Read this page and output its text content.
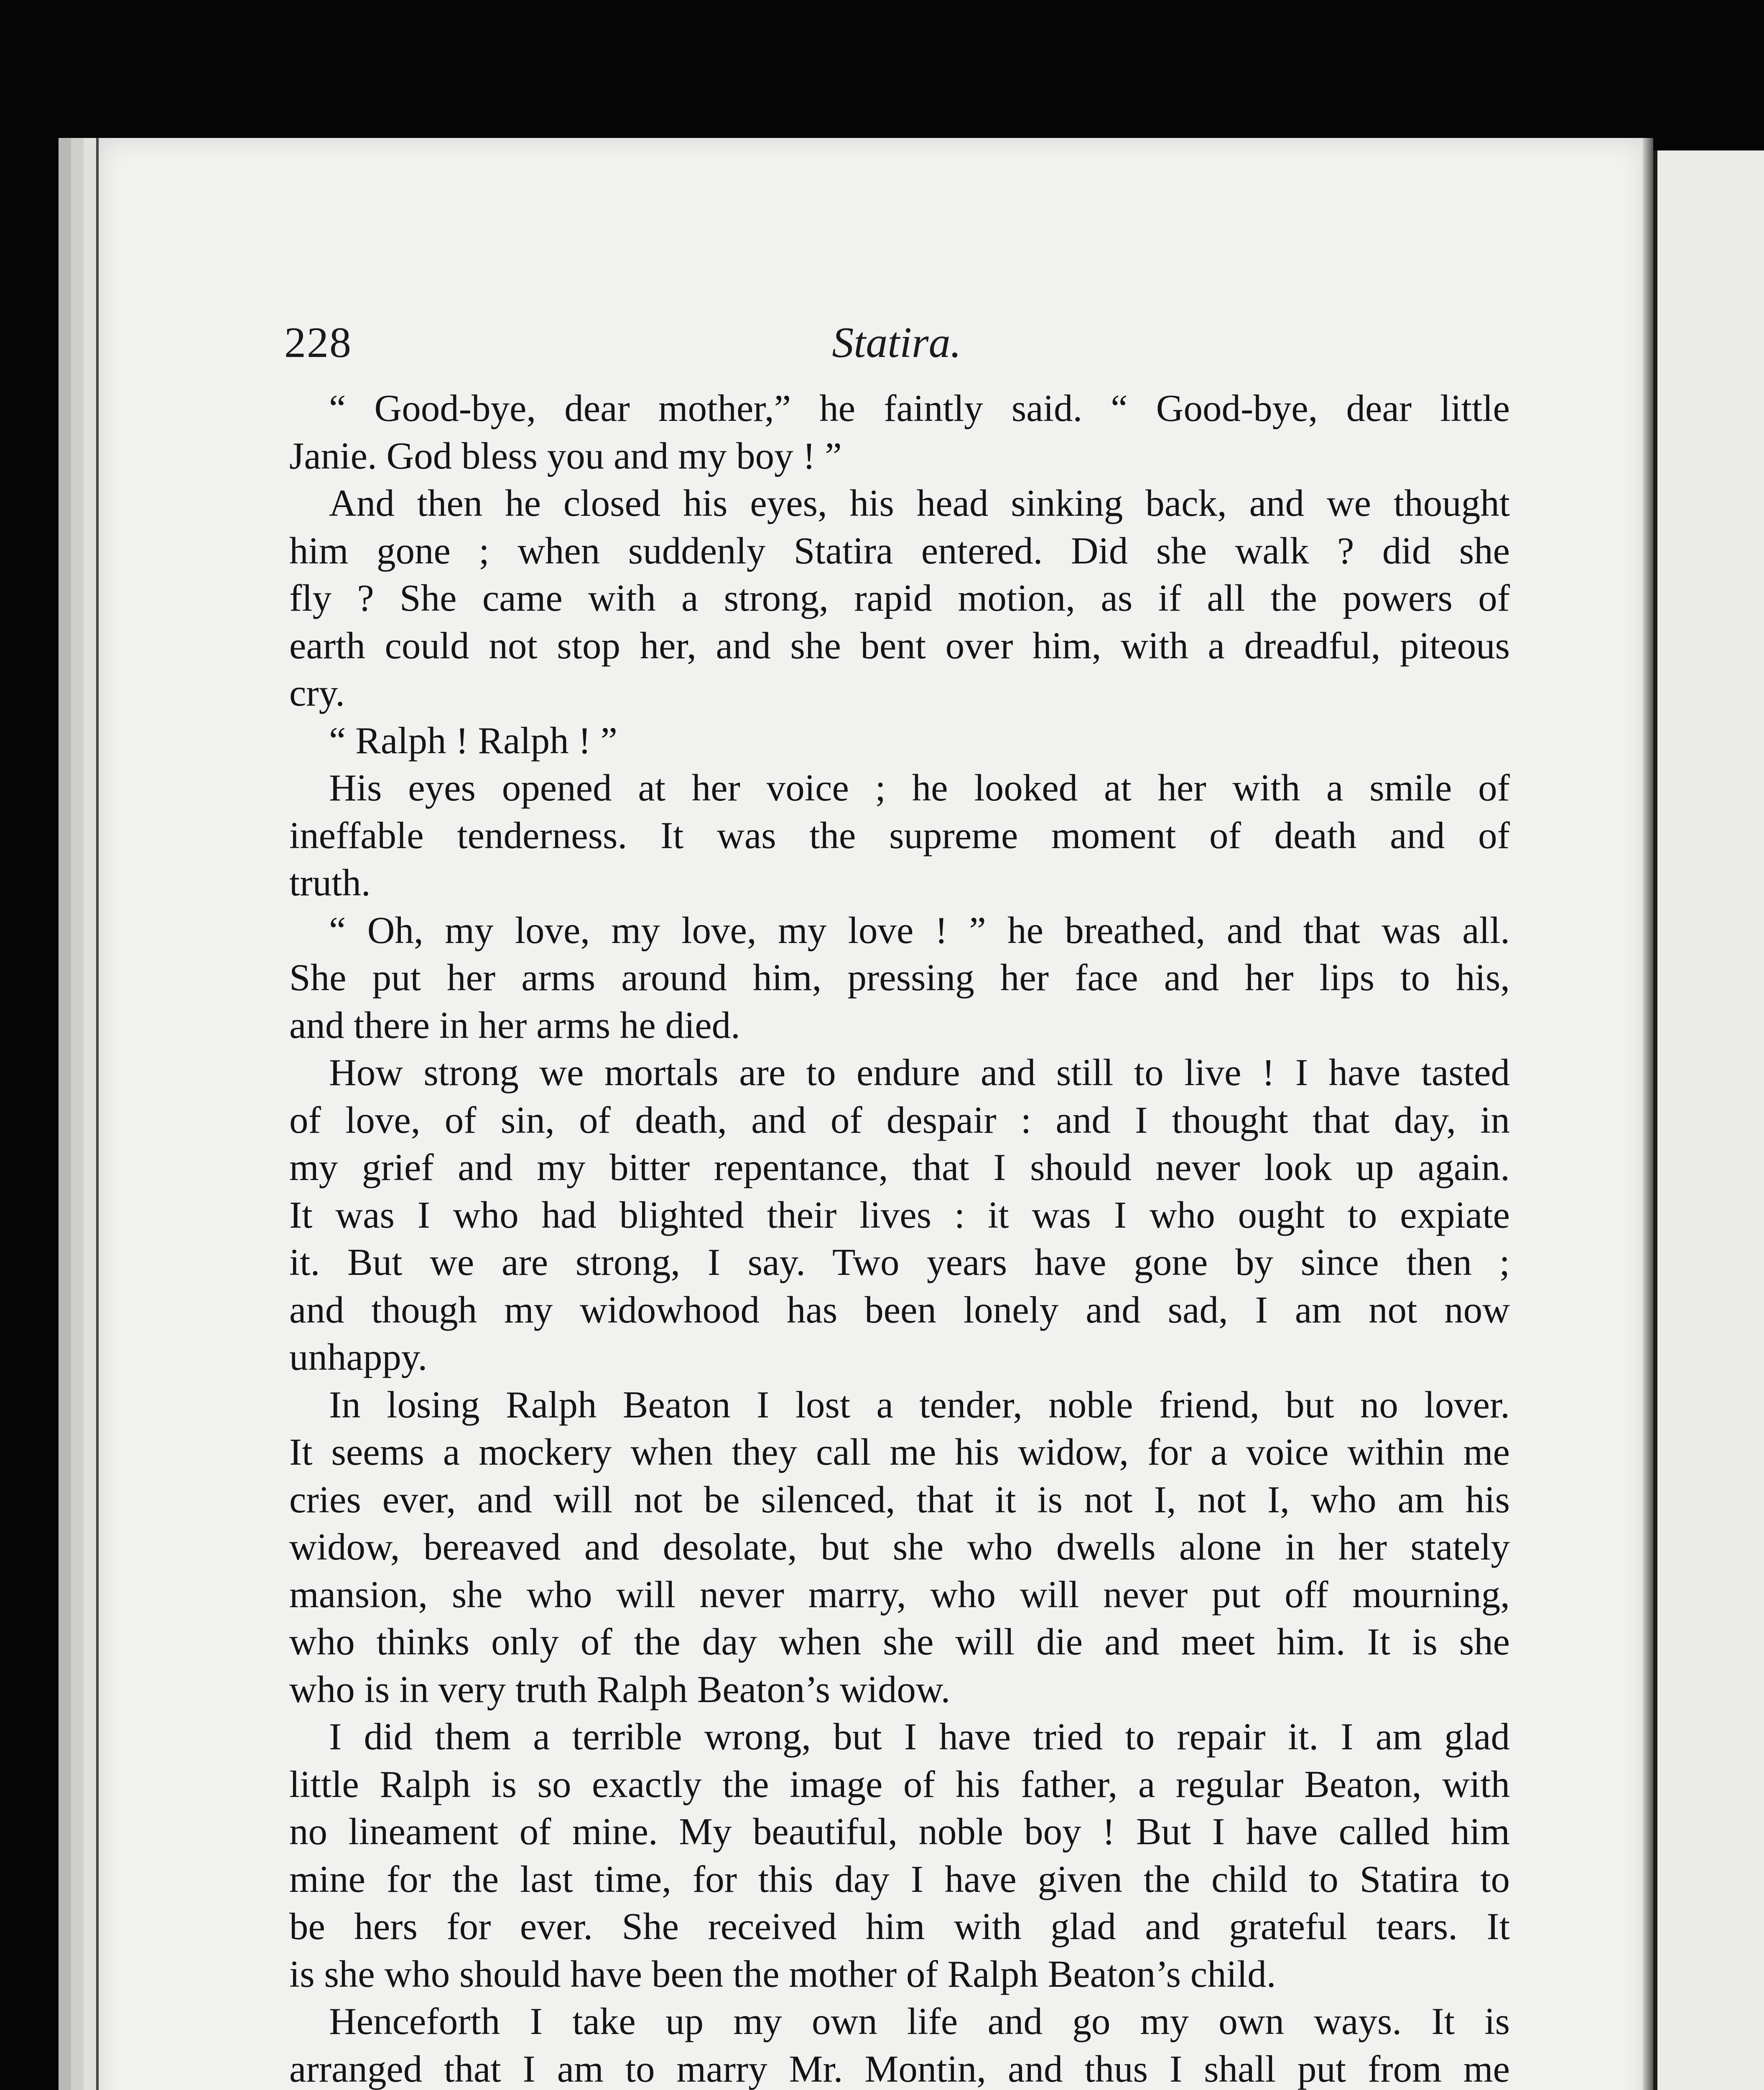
228	Statira.
“ Good-bye, dear mother,” he faintly said. “ Good-bye, dear little
Janie. God bless you and my boy ! ”
And then he closed his eyes, his head sinking back, and we thought
him gone ; when suddenly Statira entered. Did she walk ? did she
fly ? She came with a strong, rapid motion, as if all the powers of
earth could not stop her, and she bent over him, with a dreadful, piteous
cry.
“ Ralph ! Ralph ! ”
His eyes opened at her voice ; he looked at her with a smile of
ineffable tenderness. It was the supreme moment of death and of
truth.
“ Oh, my love, my love, my love ! ” he breathed, and that was all.
She put her arms around him, pressing her face and her lips to his,
and there in her arms he died.
How strong we mortals are to endure and still to live ! I have tasted
of love, of sin, of death, and of despair : and I thought that day, in
my grief and my bitter repentance, that I should never look up again.
It was I who had blighted their lives : it was I who ought to expiate
it. But we are strong, I say. Two years have gone by since then ;
and though my widowhood has been lonely and sad, I am not now
unhappy.
In losing Ralph Beaton I lost a tender, noble friend, but no lover.
It seems a mockery when they call me his widow, for a voice within me
cries ever, and will not be silenced, that it is not I, not I, who am his
widow, bereaved and desolate, but she who dwells alone in her stately
mansion, she who will never marry, who will never put off mourning,
who thinks only of the day when she will die and meet him. It is she
who is in very truth Ralph Beaton’s widow.
I did them a terrible wrong, but I have tried to repair it. I am glad
little Ralph is so exactly the image of his father, a regular Beaton, with
no lineament of mine. My beautiful, noble boy ! But I have called him
mine for the last time, for this day I have given the child to Statira to
be hers for ever. She received him with glad and grateful tears. It
is she who should have been the mother of Ralph Beaton’s child.
Henceforth I take up my own life and go my own ways. It is
arranged that I am to marry Mr. Montin, and thus I shall put from me
